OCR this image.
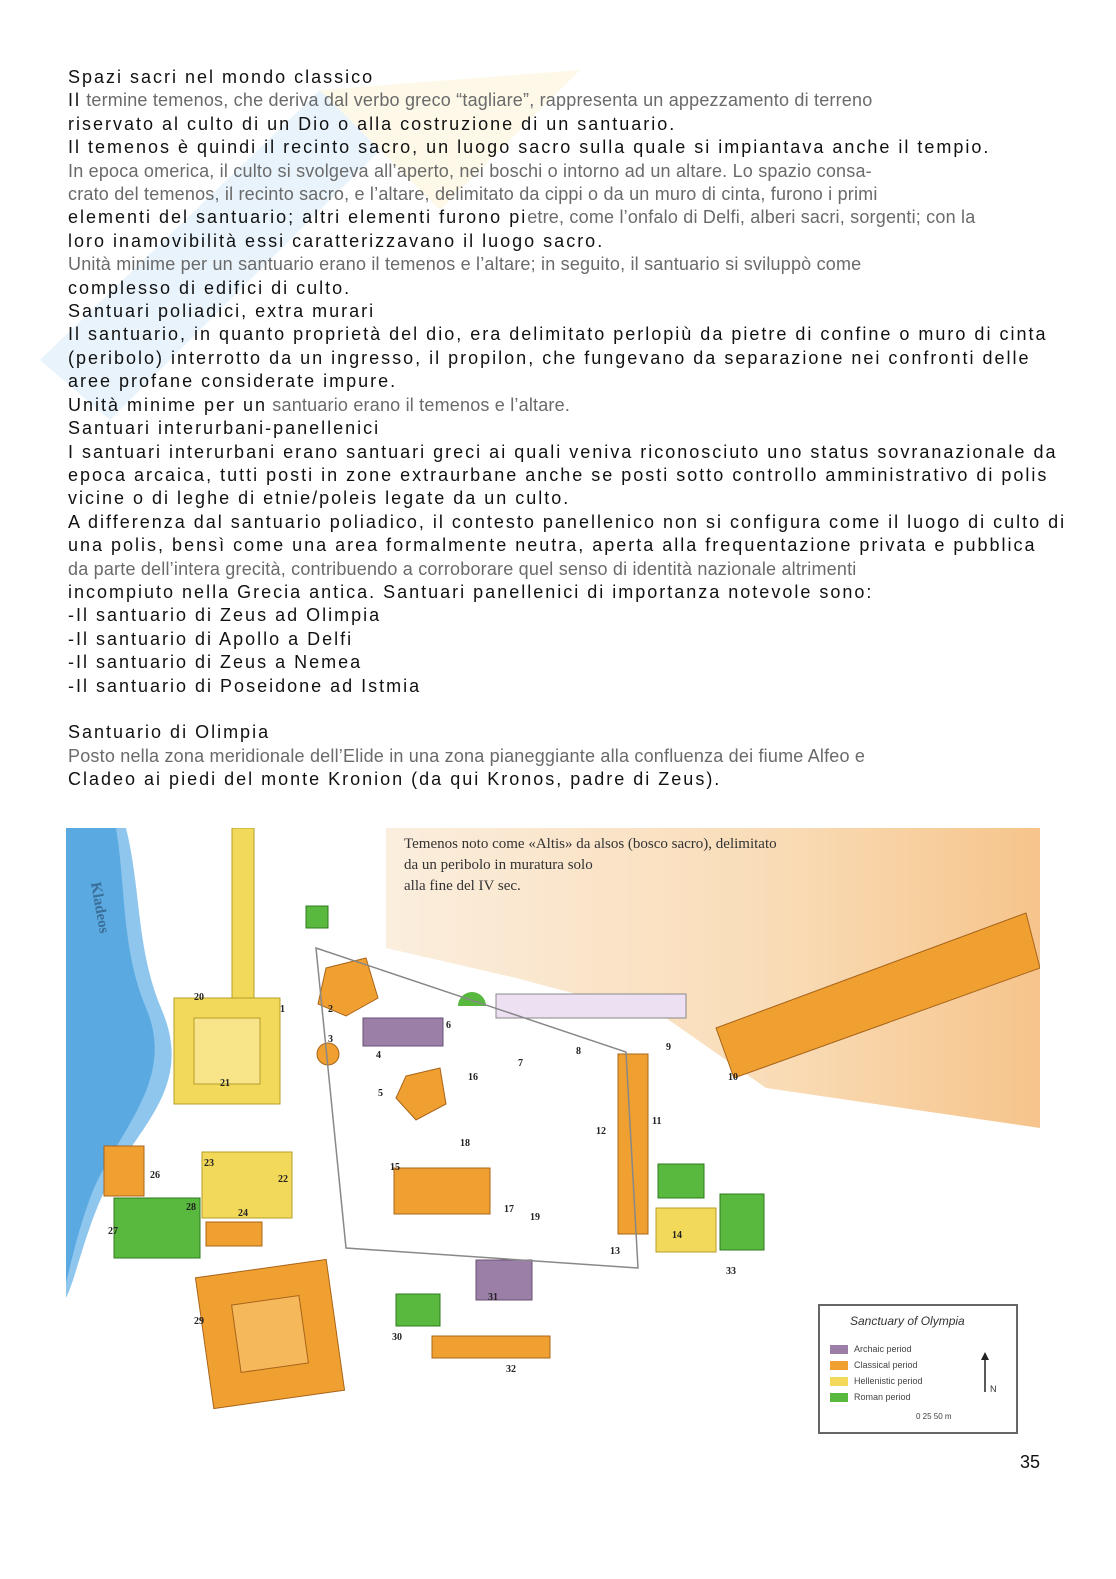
Spazi sacri nel mondo classico
Il termine temenos, che deriva dal verbo greco “tagliare”, rappresenta un appezzamento di terreno
riservato al culto di un Dio o alla costruzione di un santuario.
Il temenos è quindi il recinto sacro, un luogo sacro sulla quale si impiantava anche il tempio.
In epoca omerica, il culto si svolgeva all’aperto, nei boschi o intorno ad un altare. Lo spazio consa-
crato del temenos, il recinto sacro, e l’altare, delimitato da cippi o da un muro di cinta, furono i primi
elementi del santuario; altri elementi furono pietre, come l’onfalo di Delfi, alberi sacri, sorgenti; con la
loro inamovibilità essi caratterizzavano il luogo sacro.
Unità minime per un santuario erano il temenos e l’altare; in seguito, il santuario si sviluppò come
complesso di edifici di culto.
Santuari poliadici, extra murari
Il santuario, in quanto proprietà del dio, era delimitato perlopiù da pietre di confine o muro di cinta
(peribolo) interrotto da un ingresso, il propilon, che fungevano da separazione nei confronti delle
aree profane considerate impure.
Unità minime per un santuario erano il temenos e l’altare.
Santuari interurbani-panellenici
I santuari interurbani erano santuari greci ai quali veniva riconosciuto uno status sovranazionale da
epoca arcaica, tutti posti in zone extraurbane anche se posti sotto controllo amministrativo di polis
vicine o di leghe di etnie/poleis legate da un culto.
A differenza dal santuario poliadico, il contesto panellenico non si configura come il luogo di culto di
una polis, bensì come una area formalmente neutra, aperta alla frequentazione privata e pubblica
da parte dell’intera grecità, contribuendo a corroborare quel senso di identità nazionale altrimenti
incompiuto nella Grecia antica. Santuari panellenici di importanza notevole sono:
-Il santuario di Zeus ad Olimpia
-Il santuario di Apollo a Delfi
-Il santuario di Zeus a Nemea
-Il santuario di Poseidone ad Istmia
Santuario di Olimpia
Posto nella zona meridionale dell’Elide in una zona pianeggiante alla confluenza dei fiume Alfeo e
Cladeo ai piedi del monte Kronion (da qui Kronos, padre di Zeus).
Kladeos
20
21
1	2
3
4
5
6
7
8	9
10
11
12
13
14
15
16
17
18
19
22
23
24
26
27
28
29
30
31
32
33
Temenos noto come «Altis» da alsos (bosco sacro), delimitato
da un peribolo in muratura solo
alla fine del IV sec.
Sanctuary of Olympia
Archaic period
Classical period
Hellenistic period
Roman period
N
0 25 50 m
35
